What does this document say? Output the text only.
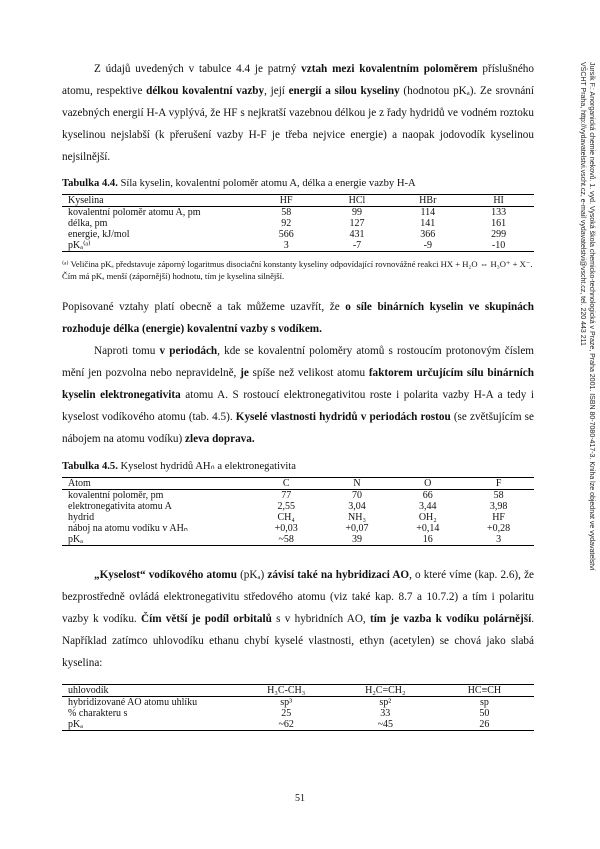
Z údajů uvedených v tabulce 4.4 je patrný vztah mezi kovalentním poloměrem příslušného atomu, respektive délkou kovalentní vazby, její energií a silou kyseliny (hodnotou pKₐ). Ze srovnání vazebných energií H-A vyplývá, že HF s nejkratší vazebnou délkou je z řady hydridů ve vodném roztoku kyselinou nejslabší (k přerušení vazby H-F je třeba nejvice energie) a naopak jodovodík kyselinou nejsilnější.

Tabulka 4.4. Síla kyselin, kovalentní poloměr atomu A, délka a energie vazby H-A
Kyselina	HF	HCl	HBr	HI
kovalentní poloměr atomu A, pm	58	99	114	133
délka, pm	92	127	141	161
energie, kJ/mol	566	431	366	299
pKₐ⁽ᵃ⁾	3	-7	-9	-10
⁽ᵃ⁾ Veličina pKₐ představuje záporný logaritmus disociační konstanty kyseliny odpovídající rovnovážné reakci HX + H₂O ⇔ H₃O⁺ + X⁻. Čím má pKₐ menší (zápornější) hodnotu, tím je kyselina silnější.

Popisované vztahy platí obecně a tak můžeme uzavřít, že o síle binárních kyselin ve skupinách rozhoduje délka (energie) kovalentní vazby s vodíkem.

Naproti tomu v periodách, kde se kovalentní poloměry atomů s rostoucím protonovým číslem mění jen pozvolna nebo nepravidelně, je spíše než velikost atomu faktorem určujícím sílu binárních kyselin elektronegativita atomu A. S rostoucí elektronegativitou roste i polarita vazby H-A a tedy i kyselost vodíkového atomu (tab. 4.5). Kyselé vlastnosti hydridů v periodách rostou (se zvětšujícím se nábojem na atomu vodíku) zleva doprava.

Tabulka 4.5. Kyselost hydridů AHₙ a elektronegativita
Atom	C	N	O	F
kovalentní poloměr, pm	77	70	66	58
elektronegativita atomu A	2,55	3,04	3,44	3,98
hydrid	CH₄	NH₃	OH₂	HF
náboj na atomu vodíku v AHₙ	+0,03	+0,07	+0,14	+0,28
pKₐ	~58	39	16	3

„Kyselost“ vodíkového atomu (pKₐ) závisí také na hybridizaci AO, o které víme (kap. 2.6), že bezprostředně ovládá elektronegativitu středového atomu (viz také kap. 8.7 a 10.7.2) a tím i polaritu vazby k vodíku. Čím větší je podíl orbitalů s v hybridních AO, tím je vazba k vodíku polárnější. Například zatímco uhlovodíku ethanu chybí kyselé vlastnosti, ethyn (acetylen) se chová jako slabá kyselina:

uhlovodík	H₃C-CH₃	H₂C=CH₂	HC≡CH
hybridizované AO atomu uhlíku	sp³	sp²	sp
% charakteru s	25	33	50
pKₐ	~62	~45	26
Jursík F.: Anorganická chemie nekovů. 1. vyd. Vysoká škola chemicko-technologická v Praze, Praha 2001. ISBN 80-7080-417-3. Kniha lze objednat ve vydavatelství VŠCHT Praha, http://vydavatelstvi.vscht.cz, e-mail vydavatelstvi@vscht.cz, tel. 220 443 211
51
